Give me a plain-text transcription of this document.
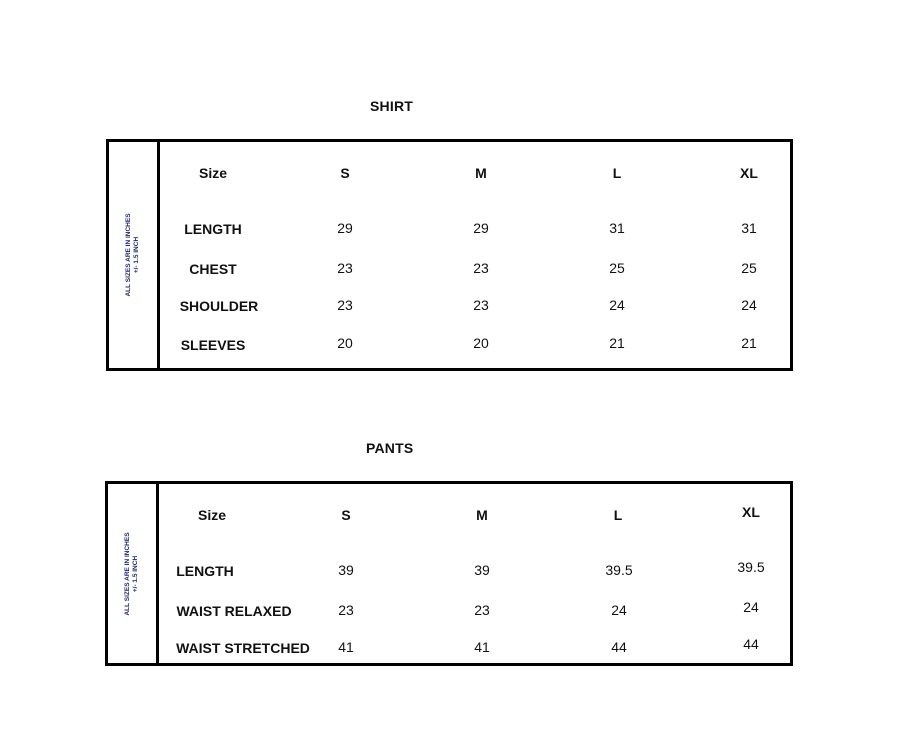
SHIRT
ALL SIZES ARE IN INCHES +/- 1.5 INCH
Size	S	M	L	XL
LENGTH	29	29	31	31
CHEST	23	23	25	25
SHOULDER	23	23	24	24
SLEEVES	20	20	21	21
PANTS
ALL SIZES ARE IN INCHES +/- 1.5 INCH
Size	S	M	L	XL
LENGTH	39	39	39.5	39.5
WAIST RELAXED	23	23	24	24
WAIST STRETCHED 41	41	44	44
